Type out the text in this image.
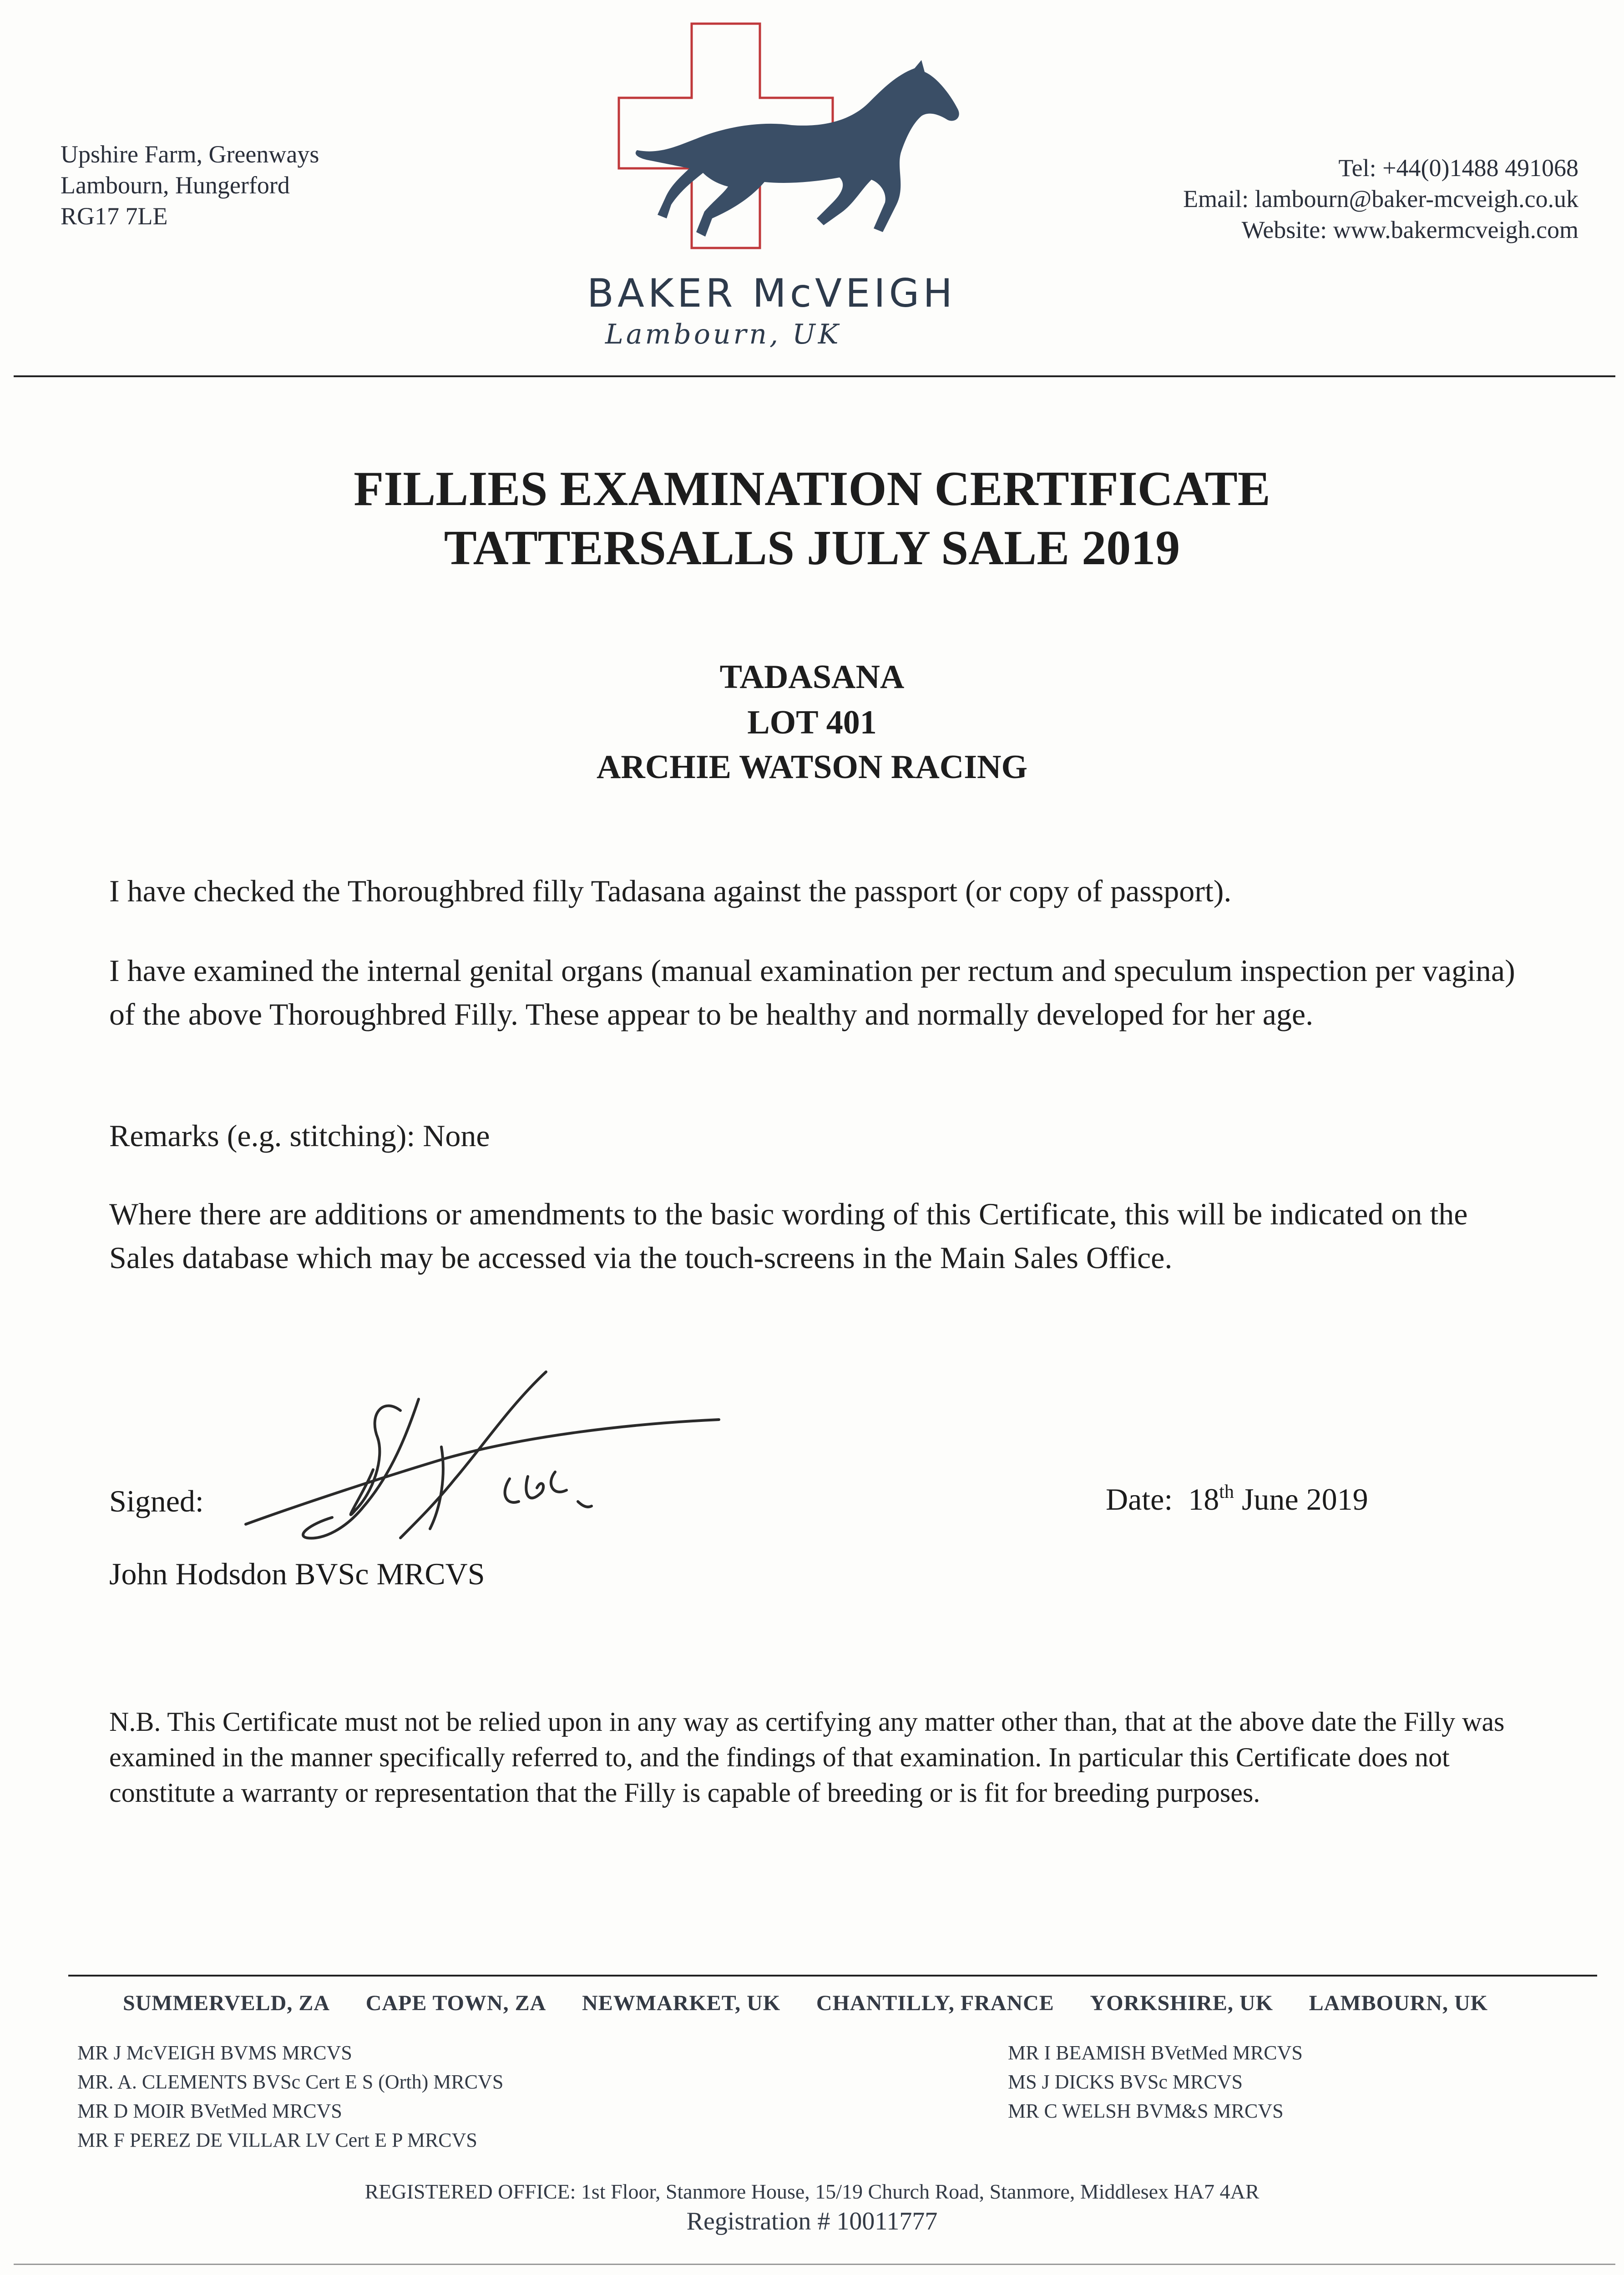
Upshire Farm, Greenways
Lambourn, Hungerford
RG17 7LE
BAKER McVEIGH
Lambourn, UK
Tel: +44(0)1488 491068
Email: lambourn@baker-mcveigh.co.uk
Website: www.bakermcveigh.com
FILLIES EXAMINATION CERTIFICATE
TATTERSALLS JULY SALE 2019
TADASANA
LOT 401
ARCHIE WATSON RACING
I have checked the Thoroughbred filly Tadasana against the passport (or copy of passport).
I have examined the internal genital organs (manual examination per rectum and speculum inspection per vagina) of the above Thoroughbred Filly. These appear to be healthy and normally developed for her age.
Remarks (e.g. stitching): None
Where there are additions or amendments to the basic wording of this Certificate, this will be indicated on the Sales database which may be accessed via the touch-screens in the Main Sales Office.
Signed:	Date: 18th June 2019
John Hodsdon BVSc MRCVS
N.B. This Certificate must not be relied upon in any way as certifying any matter other than, that at the above date the Filly was examined in the manner specifically referred to, and the findings of that examination. In particular this Certificate does not constitute a warranty or representation that the Filly is capable of breeding or is fit for breeding purposes.
SUMMERVELD, ZA CAPE TOWN, ZA NEWMARKET, UK CHANTILLY, FRANCE YORKSHIRE, UK LAMBOURN, UK
MR J McVEIGH BVMS MRCVS
MR. A. CLEMENTS BVSc Cert E S (Orth) MRCVS
MR D MOIR BVetMed MRCVS
MR F PEREZ DE VILLAR LV Cert E P MRCVS
MR I BEAMISH BVetMed MRCVS
MS J DICKS BVSc MRCVS
MR C WELSH BVM&S MRCVS
REGISTERED OFFICE: 1st Floor, Stanmore House, 15/19 Church Road, Stanmore, Middlesex HA7 4AR
Registration # 10011777
